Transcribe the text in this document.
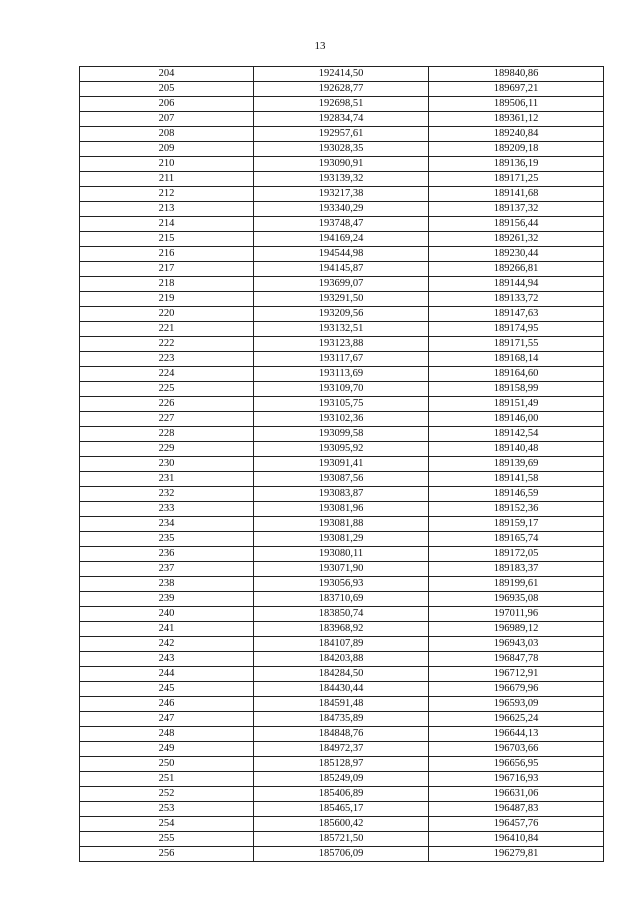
13
204	192414,50	189840,86
205	192628,77	189697,21
206	192698,51	189506,11
207	192834,74	189361,12
208	192957,61	189240,84
209	193028,35	189209,18
210	193090,91	189136,19
211	193139,32	189171,25
212	193217,38	189141,68
213	193340,29	189137,32
214	193748,47	189156,44
215	194169,24	189261,32
216	194544,98	189230,44
217	194145,87	189266,81
218	193699,07	189144,94
219	193291,50	189133,72
220	193209,56	189147,63
221	193132,51	189174,95
222	193123,88	189171,55
223	193117,67	189168,14
224	193113,69	189164,60
225	193109,70	189158,99
226	193105,75	189151,49
227	193102,36	189146,00
228	193099,58	189142,54
229	193095,92	189140,48
230	193091,41	189139,69
231	193087,56	189141,58
232	193083,87	189146,59
233	193081,96	189152,36
234	193081,88	189159,17
235	193081,29	189165,74
236	193080,11	189172,05
237	193071,90	189183,37
238	193056,93	189199,61
239	183710,69	196935,08
240	183850,74	197011,96
241	183968,92	196989,12
242	184107,89	196943,03
243	184203,88	196847,78
244	184284,50	196712,91
245	184430,44	196679,96
246	184591,48	196593,09
247	184735,89	196625,24
248	184848,76	196644,13
249	184972,37	196703,66
250	185128,97	196656,95
251	185249,09	196716,93
252	185406,89	196631,06
253	185465,17	196487,83
254	185600,42	196457,76
255	185721,50	196410,84
256	185706,09	196279,81
